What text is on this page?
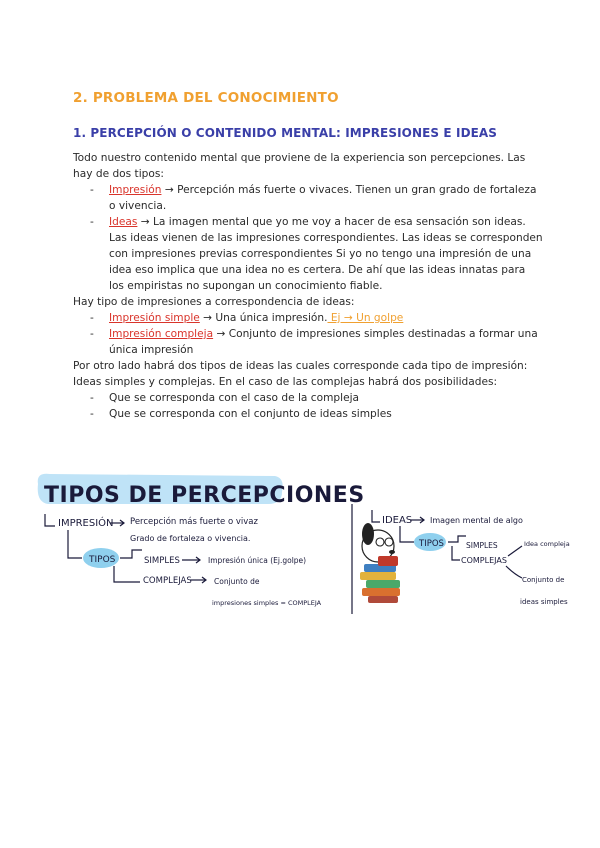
2. PROBLEMA DEL CONOCIMIENTO
1. PERCEPCIÓN O CONTENIDO MENTAL: IMPRESIONES E IDEAS

Todo nuestro contenido mental que proviene de la experiencia son percepciones. Las hay de dos tipos:

- Impresión → Percepción más fuerte o vivaces. Tienen un gran grado de fortaleza o vivencia.
- Ideas → La imagen mental que yo me voy a hacer de esa sensación son ideas. Las ideas vienen de las impresiones correspondientes. Las ideas se corresponden con impresiones previas correspondientes Si yo no tengo una impresión de una idea eso implica que una idea no es certera. De ahí que las ideas innatas para los empiristas no supongan un conocimiento fiable.

Hay tipo de impresiones a correspondencia de ideas:

- Impresión simple → Una única impresión. Ej → Un golpe
- Impresión compleja → Conjunto de impresiones simples destinadas a formar una única impresión

Por otro lado habrá dos tipos de ideas las cuales corresponde cada tipo de impresión: Ideas simples y complejas. En el caso de las complejas habrá dos posibilidades:

- Que se corresponda con el caso de la compleja
- Que se corresponda con el conjunto de ideas simples
TIPOS DE PERCEPCIONES
IMPRESIÓN Percepción más fuerte o vivaz
Grado de fortaleza o vivencia.
TIPOS	SIMPLES	Impresión única (Ej.golpe)
COMPLEJAS	Conjunto de
impresiones simples = COMPLEJA
IDEAS Imagen mental de algo
TIPOS	SIMPLES
COMPLEJAS
Idea compleja
Conjunto de
ideas simples
